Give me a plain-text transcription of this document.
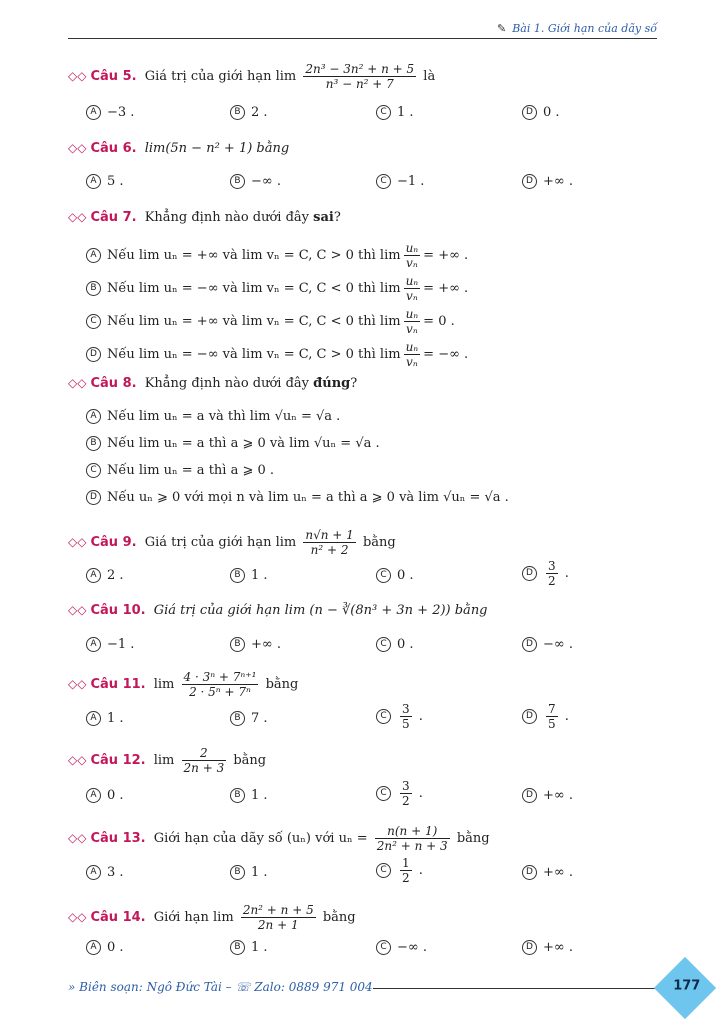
✎ Bài 1. Giới hạn của dãy số
◇◇ Câu 5. Giá trị của giới hạn $\lim \frac{\text{2n³ − 3n² + n + 5}}{\text{n³ − n² + 7}}$ là
A −3 .	B 2 .	C 1 .	D 0 .
◇◇ Câu 6. lim(5n − n² + 1) bằng
A 5 .	B −∞ .	C −1 .	D +∞ .
◇◇ Câu 7. Khẳng định nào dưới đây sai?
A Nếu lim uₙ = +∞ và lim vₙ = C, C > 0 thì $\lim \frac{\text{uₙ}}{\text{vₙ}}$ = +∞ .
B Nếu lim uₙ = −∞ và lim vₙ = C, C < 0 thì $\lim \frac{\text{uₙ}}{\text{vₙ}}$ = +∞ .
C Nếu lim uₙ = +∞ và lim vₙ = C, C < 0 thì $\lim \frac{\text{uₙ}}{\text{vₙ}} = 0$ .
D Nếu lim uₙ = −∞ và lim vₙ = C, C > 0 thì $\lim \frac{\text{uₙ}}{\text{vₙ}}$ = −∞ .
◇◇ Câu 8. Khẳng định nào dưới đây đúng?
A Nếu lim uₙ = a và thì lim √uₙ = √a .
B Nếu lim uₙ = a thì a ⩾ 0 và lim √uₙ = √a .
C Nếu lim uₙ = a thì a ⩾ 0 .
D Nếu uₙ ⩾ 0 với mọi n và lim uₙ = a thì a ⩾ 0 và lim √uₙ = √a .
◇◇ Câu 9. Giá trị của giới hạn $\lim \frac{n√n + 1}{\text{n² + 2}}$ bằng
A 2 .	B 1 .	C 0 .	D $\frac{3}{2}$ .
◇◇ Câu 10. Giá trị của giới hạn lim (n − ∛(8n³ + 3n + 2)) bằng
A −1 .	B +∞ .	C 0 .	D −∞ .
◇◇ Câu 11. $\lim \frac{\text{4 · 3ⁿ + 7ⁿ⁺¹}}{\text{2 · 5ⁿ + 7ⁿ}}$ bằng
A 1 .	B 7 .	C $\frac{3}{5}$ .	D $\frac{7}{5}$ .
◇◇ Câu 12. $\lim \frac{2}{2n + 3}$ bằng
A 0 .	B 1 .	C $\frac{3}{2}$ .	D +∞ .
◇◇ Câu 13. Giới hạn của dãy số (uₙ) với $u_n = \frac{n(n + 1)}{\text{2n² + n + 3}}$ bằng
A 3 .	B 1 .	C $\frac{1}{2}$ .	D +∞ .
◇◇ Câu 14. Giới hạn $\lim \frac{\text{2n² + n + 5}}{2n + 1}$ bằng
A 0 .	B 1 .	C −∞ .	D +∞ .
» Biên soạn: Ngô Đức Tài – ☏ Zalo: 0889 971 004	177
